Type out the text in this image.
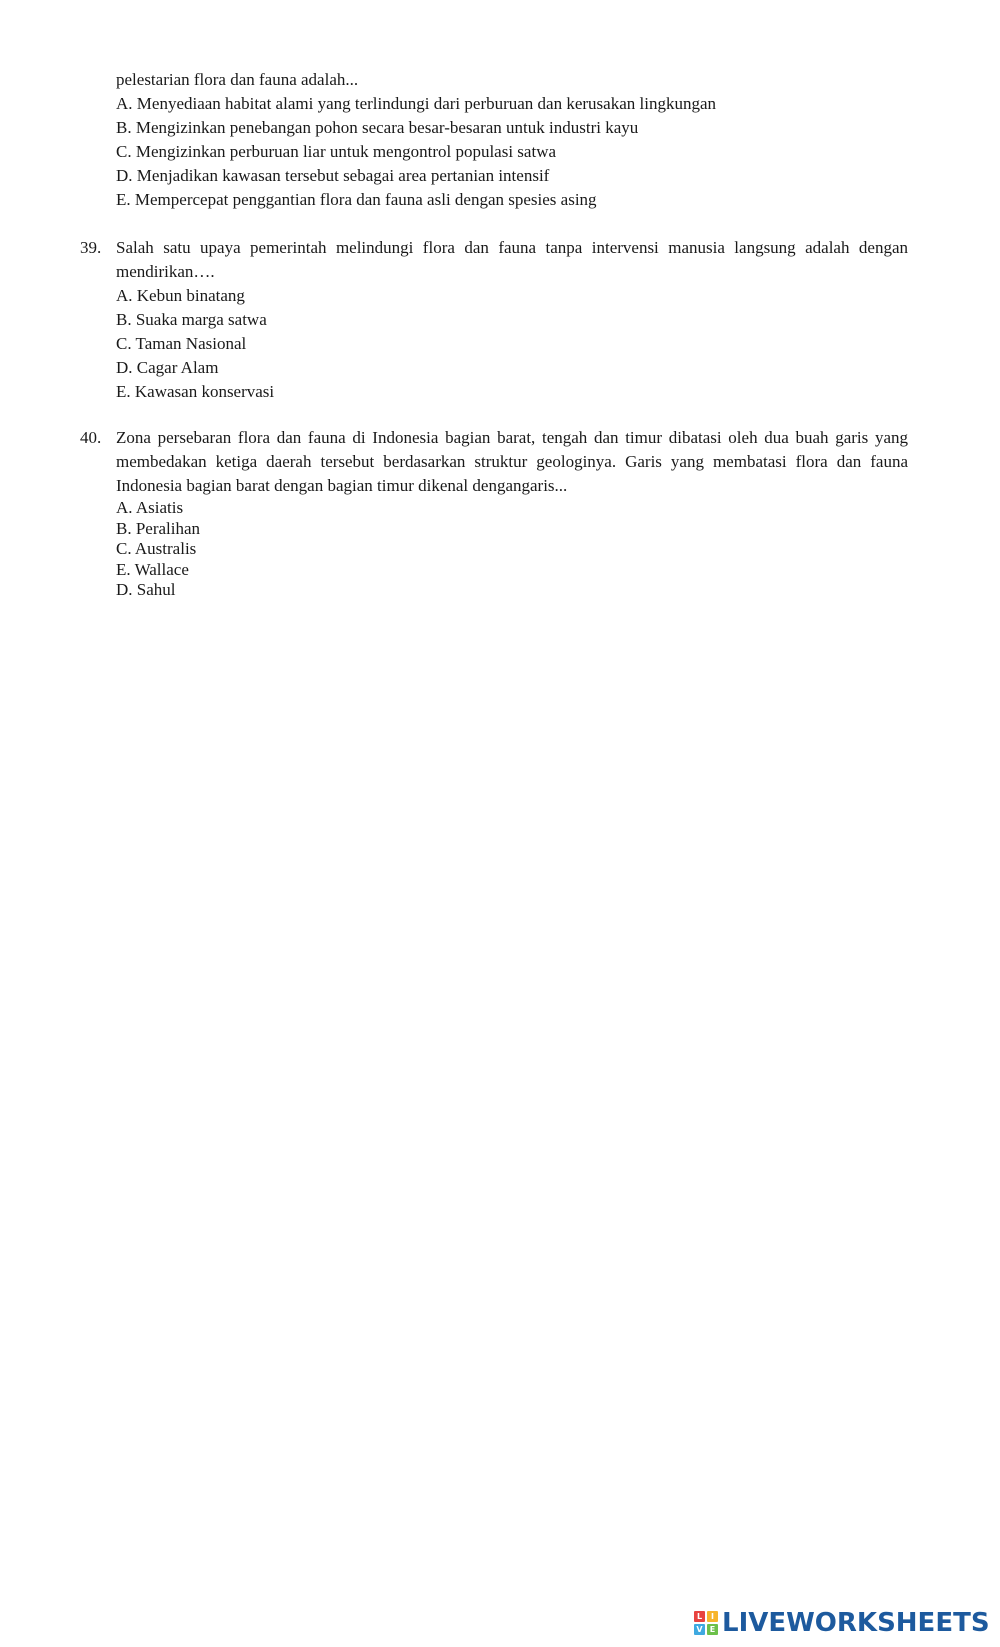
pelestarian flora dan fauna adalah...
A. Menyediaan habitat alami yang terlindungi dari perburuan dan kerusakan lingkungan
B. Mengizinkan penebangan pohon secara besar-besaran untuk industri kayu
C. Mengizinkan perburuan liar untuk mengontrol populasi satwa
D. Menjadikan kawasan tersebut sebagai area pertanian intensif
E. Mempercepat penggantian flora dan fauna asli dengan spesies asing
39. Salah satu upaya pemerintah melindungi flora dan fauna tanpa intervensi manusia langsung adalah dengan mendirikan….
A. Kebun binatang
B. Suaka marga satwa
C. Taman Nasional
D. Cagar Alam
E. Kawasan konservasi
40. Zona persebaran flora dan fauna di Indonesia bagian barat, tengah dan timur dibatasi oleh dua buah garis yang membedakan ketiga daerah tersebut berdasarkan struktur geologinya. Garis yang membatasi flora dan fauna Indonesia bagian barat dengan bagian timur dikenal dengangaris...
A. Asiatis
B. Peralihan
C. Australis
E. Wallace
D. Sahul
L	I
V E LIVEWORKSHEETS
